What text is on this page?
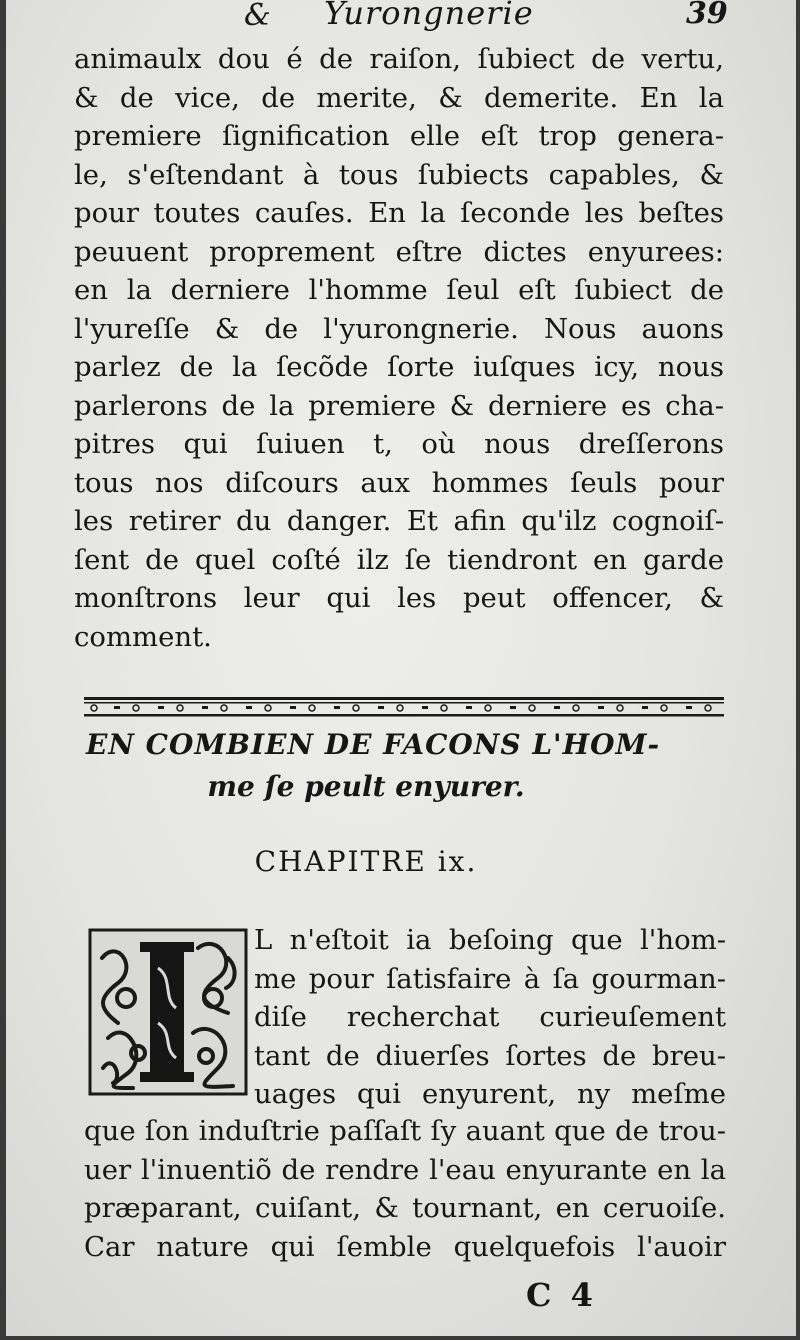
& Yurongnerie	39
animaulx dou é de raiſon, ſubiect de vertu,
& de vice, de merite, & demerite. En la
premiere ſignification elle eſt trop genera-
le, s'eſtendant à tous ſubiects capables, &
pour toutes cauſes. En la ſeconde les beſtes
peuuent proprement eſtre dictes enyurees:
en la derniere l'homme ſeul eſt ſubiect de
l'yureſſe & de l'yurongnerie. Nous auons
parlez de la ſecõde ſorte iuſques icy, nous
parlerons de la premiere & derniere es cha-
pitres qui ſuiuen t, où nous dreſſerons
tous nos diſcours aux hommes ſeuls pour
les retirer du danger. Et afin qu'ilz cognoiſ-
ſent de quel coſté ilz ſe tiendront en garde
monſtrons leur qui les peut offencer, &
comment.
EN COMBIEN DE FACONS L'HOM-
me ſe peult enyurer.
CHAPITRE ix.
L n'eſtoit ia beſoing que l'hom-
me pour ſatisfaire à ſa gourman-
diſe recherchat curieuſement
tant de diuerſes ſortes de breu-
uages qui enyurent, ny meſme
que ſon induſtrie paſſaſt ſy auant que de trou-
uer l'inuentiõ de rendre l'eau enyurante en la
præparant, cuiſant, & tournant, en ceruoiſe.
Car nature qui ſemble quelquefois l'auoir
C 4
